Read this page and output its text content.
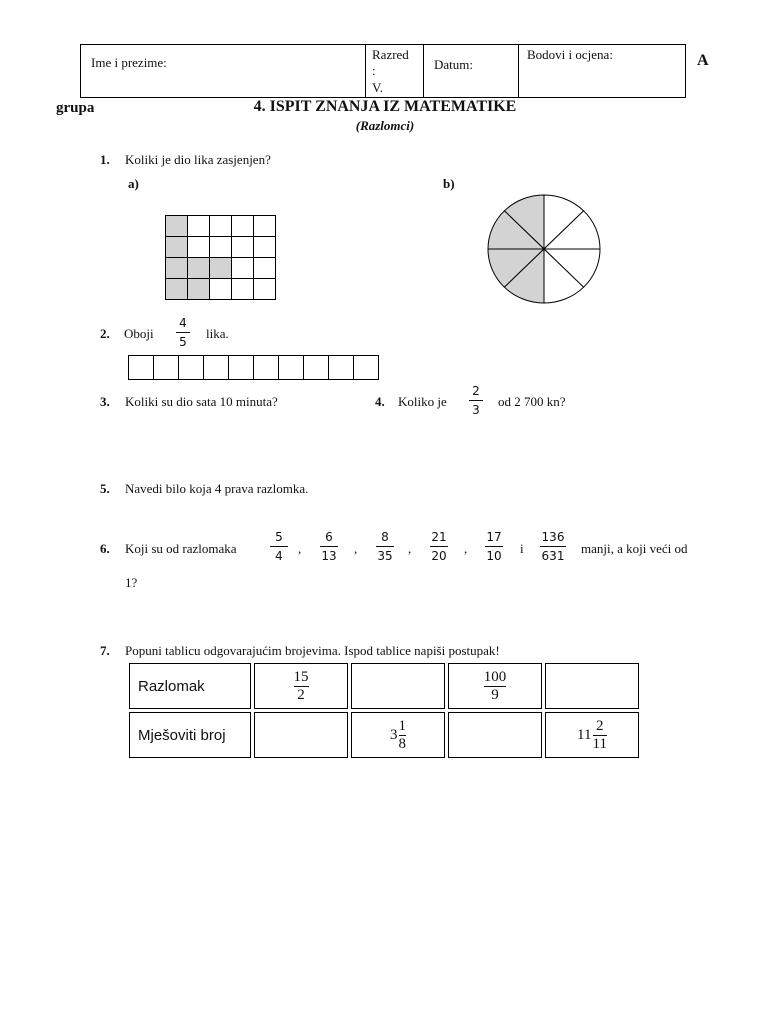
Ime i prezime:
Razred
:
V.
Datum:
Bodovi i ocjena:	A
grupa	4. ISPIT ZNANJA IZ MATEMATIKE
(Razlomci)
1. Koliki je dio lika zasjenjen?
a)	b)

2. Oboji
4
5
lika.

3. Koliki su dio sata 10 minuta?	4. Koliko je
2
3
od 2 700 kn?
5. Navedi bilo koja 4 prava razlomka.
6. Koji su od razlomaka
5
4
6
13
8
35
21
20
17
10
136
631
,	,	,	,	i	manji, a koji veći od
1?
7. Popuni tablicu odgovarajućim brojevima. Ispod tablice napiši postupak!
Razlomak	$\frac{15}{2}$		$\frac{100}{9}$	
Mješoviti broj		$3\frac{1}{8}$		$11\frac{2}{11}$
